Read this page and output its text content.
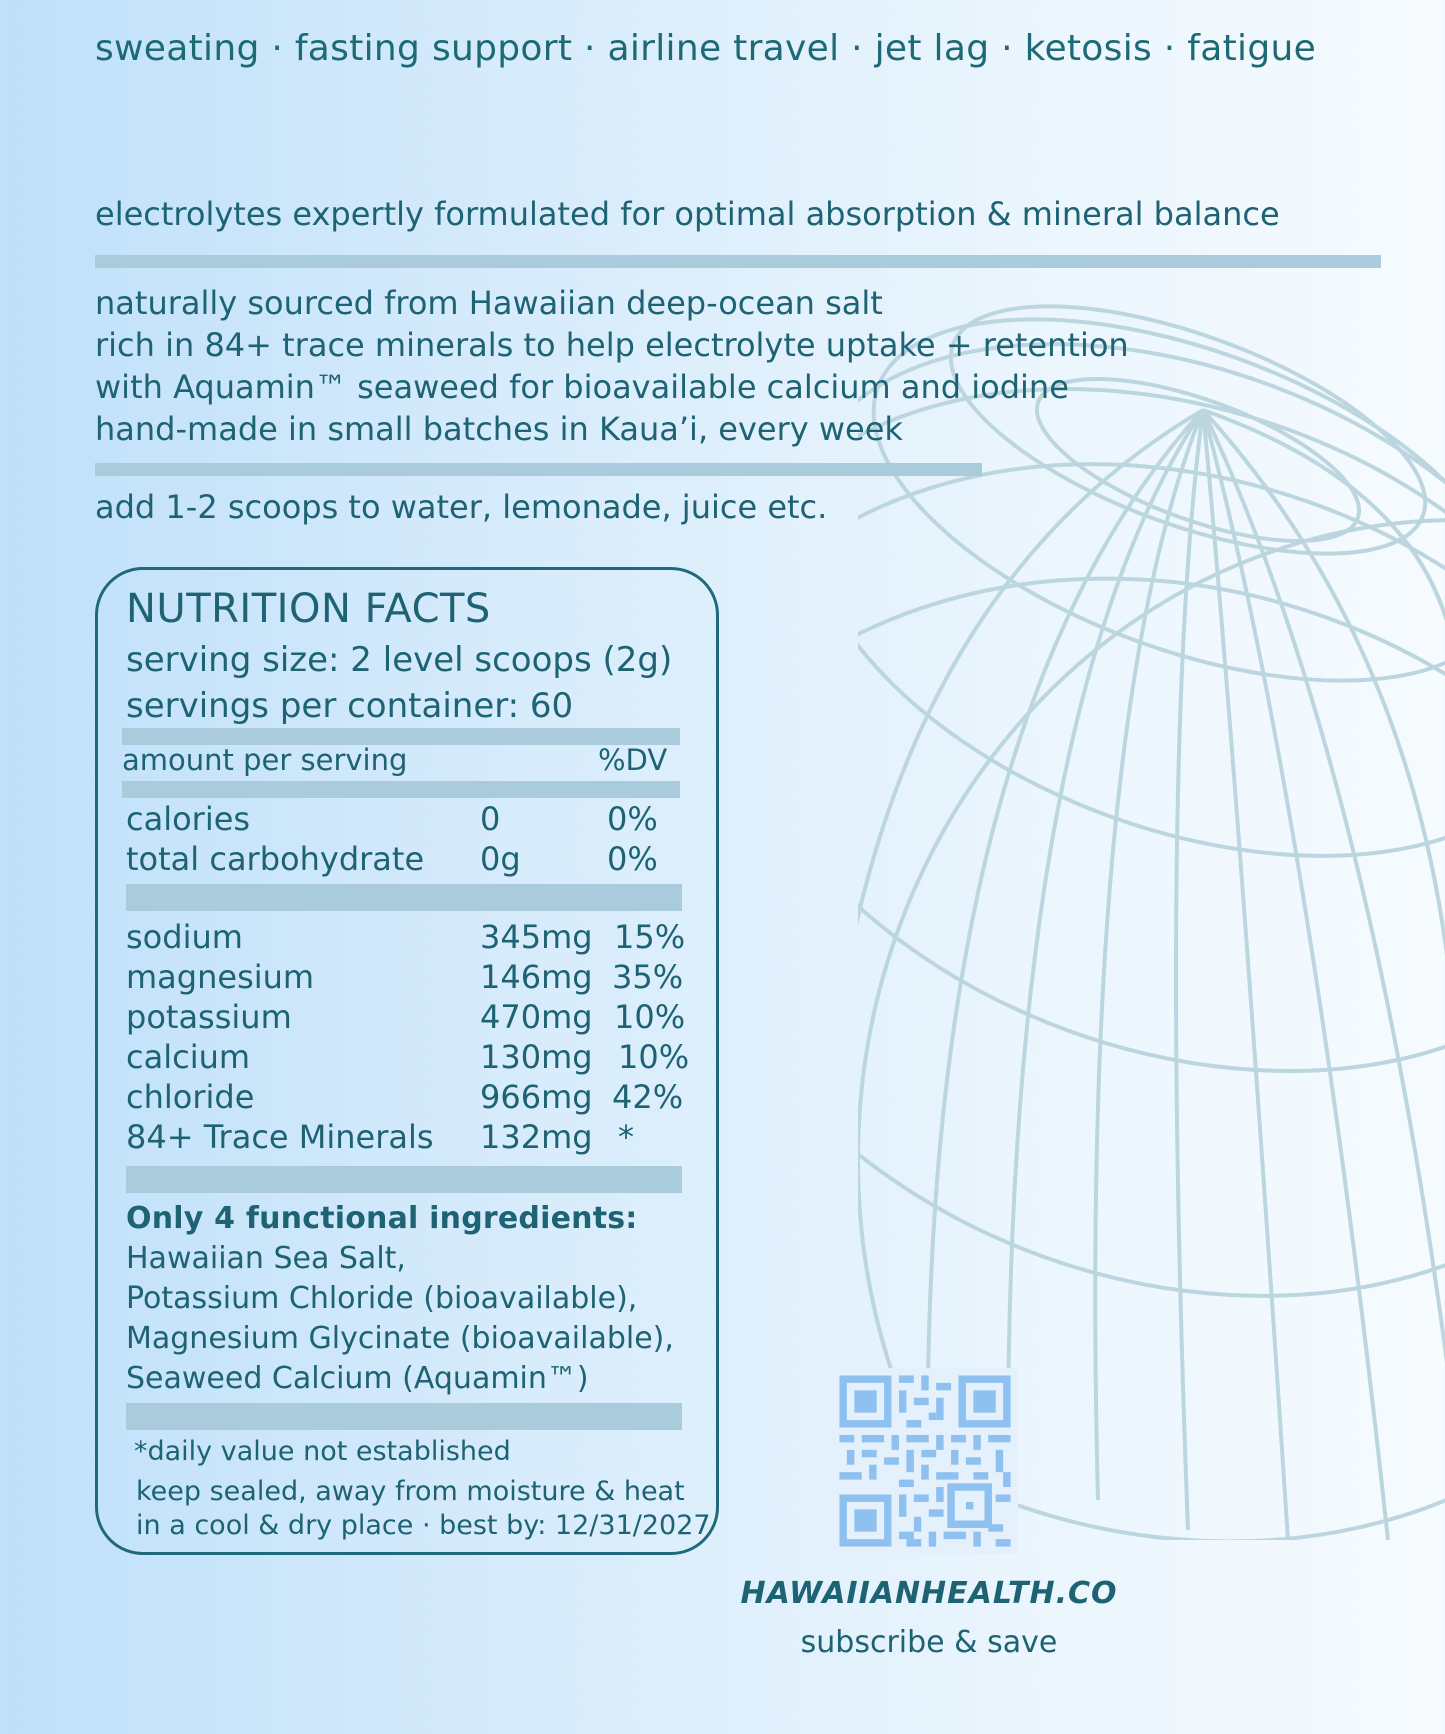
sweating · fasting support · airline travel · jet lag · ketosis · fatigue
electrolytes expertly formulated for optimal absorption & mineral balance
naturally sourced from Hawaiian deep-ocean salt
rich in 84+ trace minerals to help electrolyte uptake + retention
with Aquamin™ seaweed for bioavailable calcium and iodine
hand-made in small batches in Kaua’i, every week
add 1-2 scoops to water, lemonade, juice etc.
NUTRITION FACTS
serving size: 2 level scoops (2g)
servings per container: 60
amount per serving	%DV
calories	0	0%
total carbohydrate 0g	0%
sodium	345mg 15%
magnesium	146mg 35%
potassium	470mg 10%
calcium	130mg 10%
chloride	966mg 42%
84+ Trace Minerals 132mg *
Only 4 functional ingredients:
Hawaiian Sea Salt,
Potassium Chloride (bioavailable),
Magnesium Glycinate (bioavailable),
Seaweed Calcium (Aquamin™)
*daily value not established
keep sealed, away from moisture & heat
in a cool & dry place · best by: 12/31/2027
HAWAIIANHEALTH.CO
subscribe & save
